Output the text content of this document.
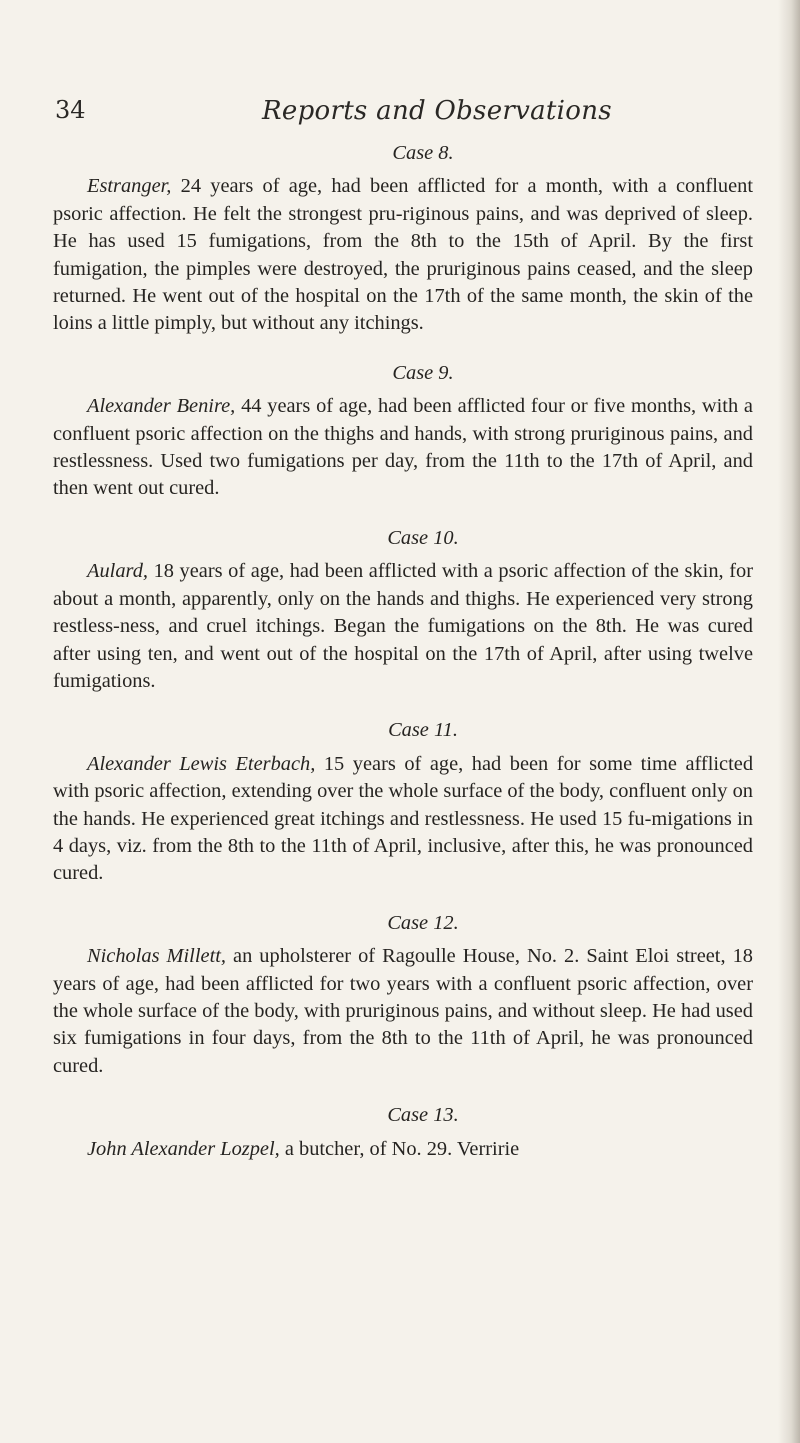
34	Reports and Observations

Case 8.

Estranger, 24 years of age, had been afflicted for a month, with a confluent psoric affection. He felt the strongest pru-riginous pains, and was deprived of sleep. He has used 15 fumigations, from the 8th to the 15th of April. By the first fumigation, the pimples were destroyed, the pruriginous pains ceased, and the sleep returned. He went out of the hospital on the 17th of the same month, the skin of the loins a little pimply, but without any itchings.

Case 9.

Alexander Benire, 44 years of age, had been afflicted four or five months, with a confluent psoric affection on the thighs and hands, with strong pruriginous pains, and restlessness. Used two fumigations per day, from the 11th to the 17th of April, and then went out cured.

Case 10.

Aulard, 18 years of age, had been afflicted with a psoric affection of the skin, for about a month, apparently, only on the hands and thighs. He experienced very strong restless-ness, and cruel itchings. Began the fumigations on the 8th. He was cured after using ten, and went out of the hospital on the 17th of April, after using twelve fumigations.

Case 11.

Alexander Lewis Eterbach, 15 years of age, had been for some time afflicted with psoric affection, extending over the whole surface of the body, confluent only on the hands. He experienced great itchings and restlessness. He used 15 fu-migations in 4 days, viz. from the 8th to the 11th of April, inclusive, after this, he was pronounced cured.

Case 12.

Nicholas Millett, an upholsterer of Ragoulle House, No. 2. Saint Eloi street, 18 years of age, had been afflicted for two years with a confluent psoric affection, over the whole surface of the body, with pruriginous pains, and without sleep. He had used six fumigations in four days, from the 8th to the 11th of April, he was pronounced cured.

Case 13.

John Alexander Lozpel, a butcher, of No. 29. Verririe
